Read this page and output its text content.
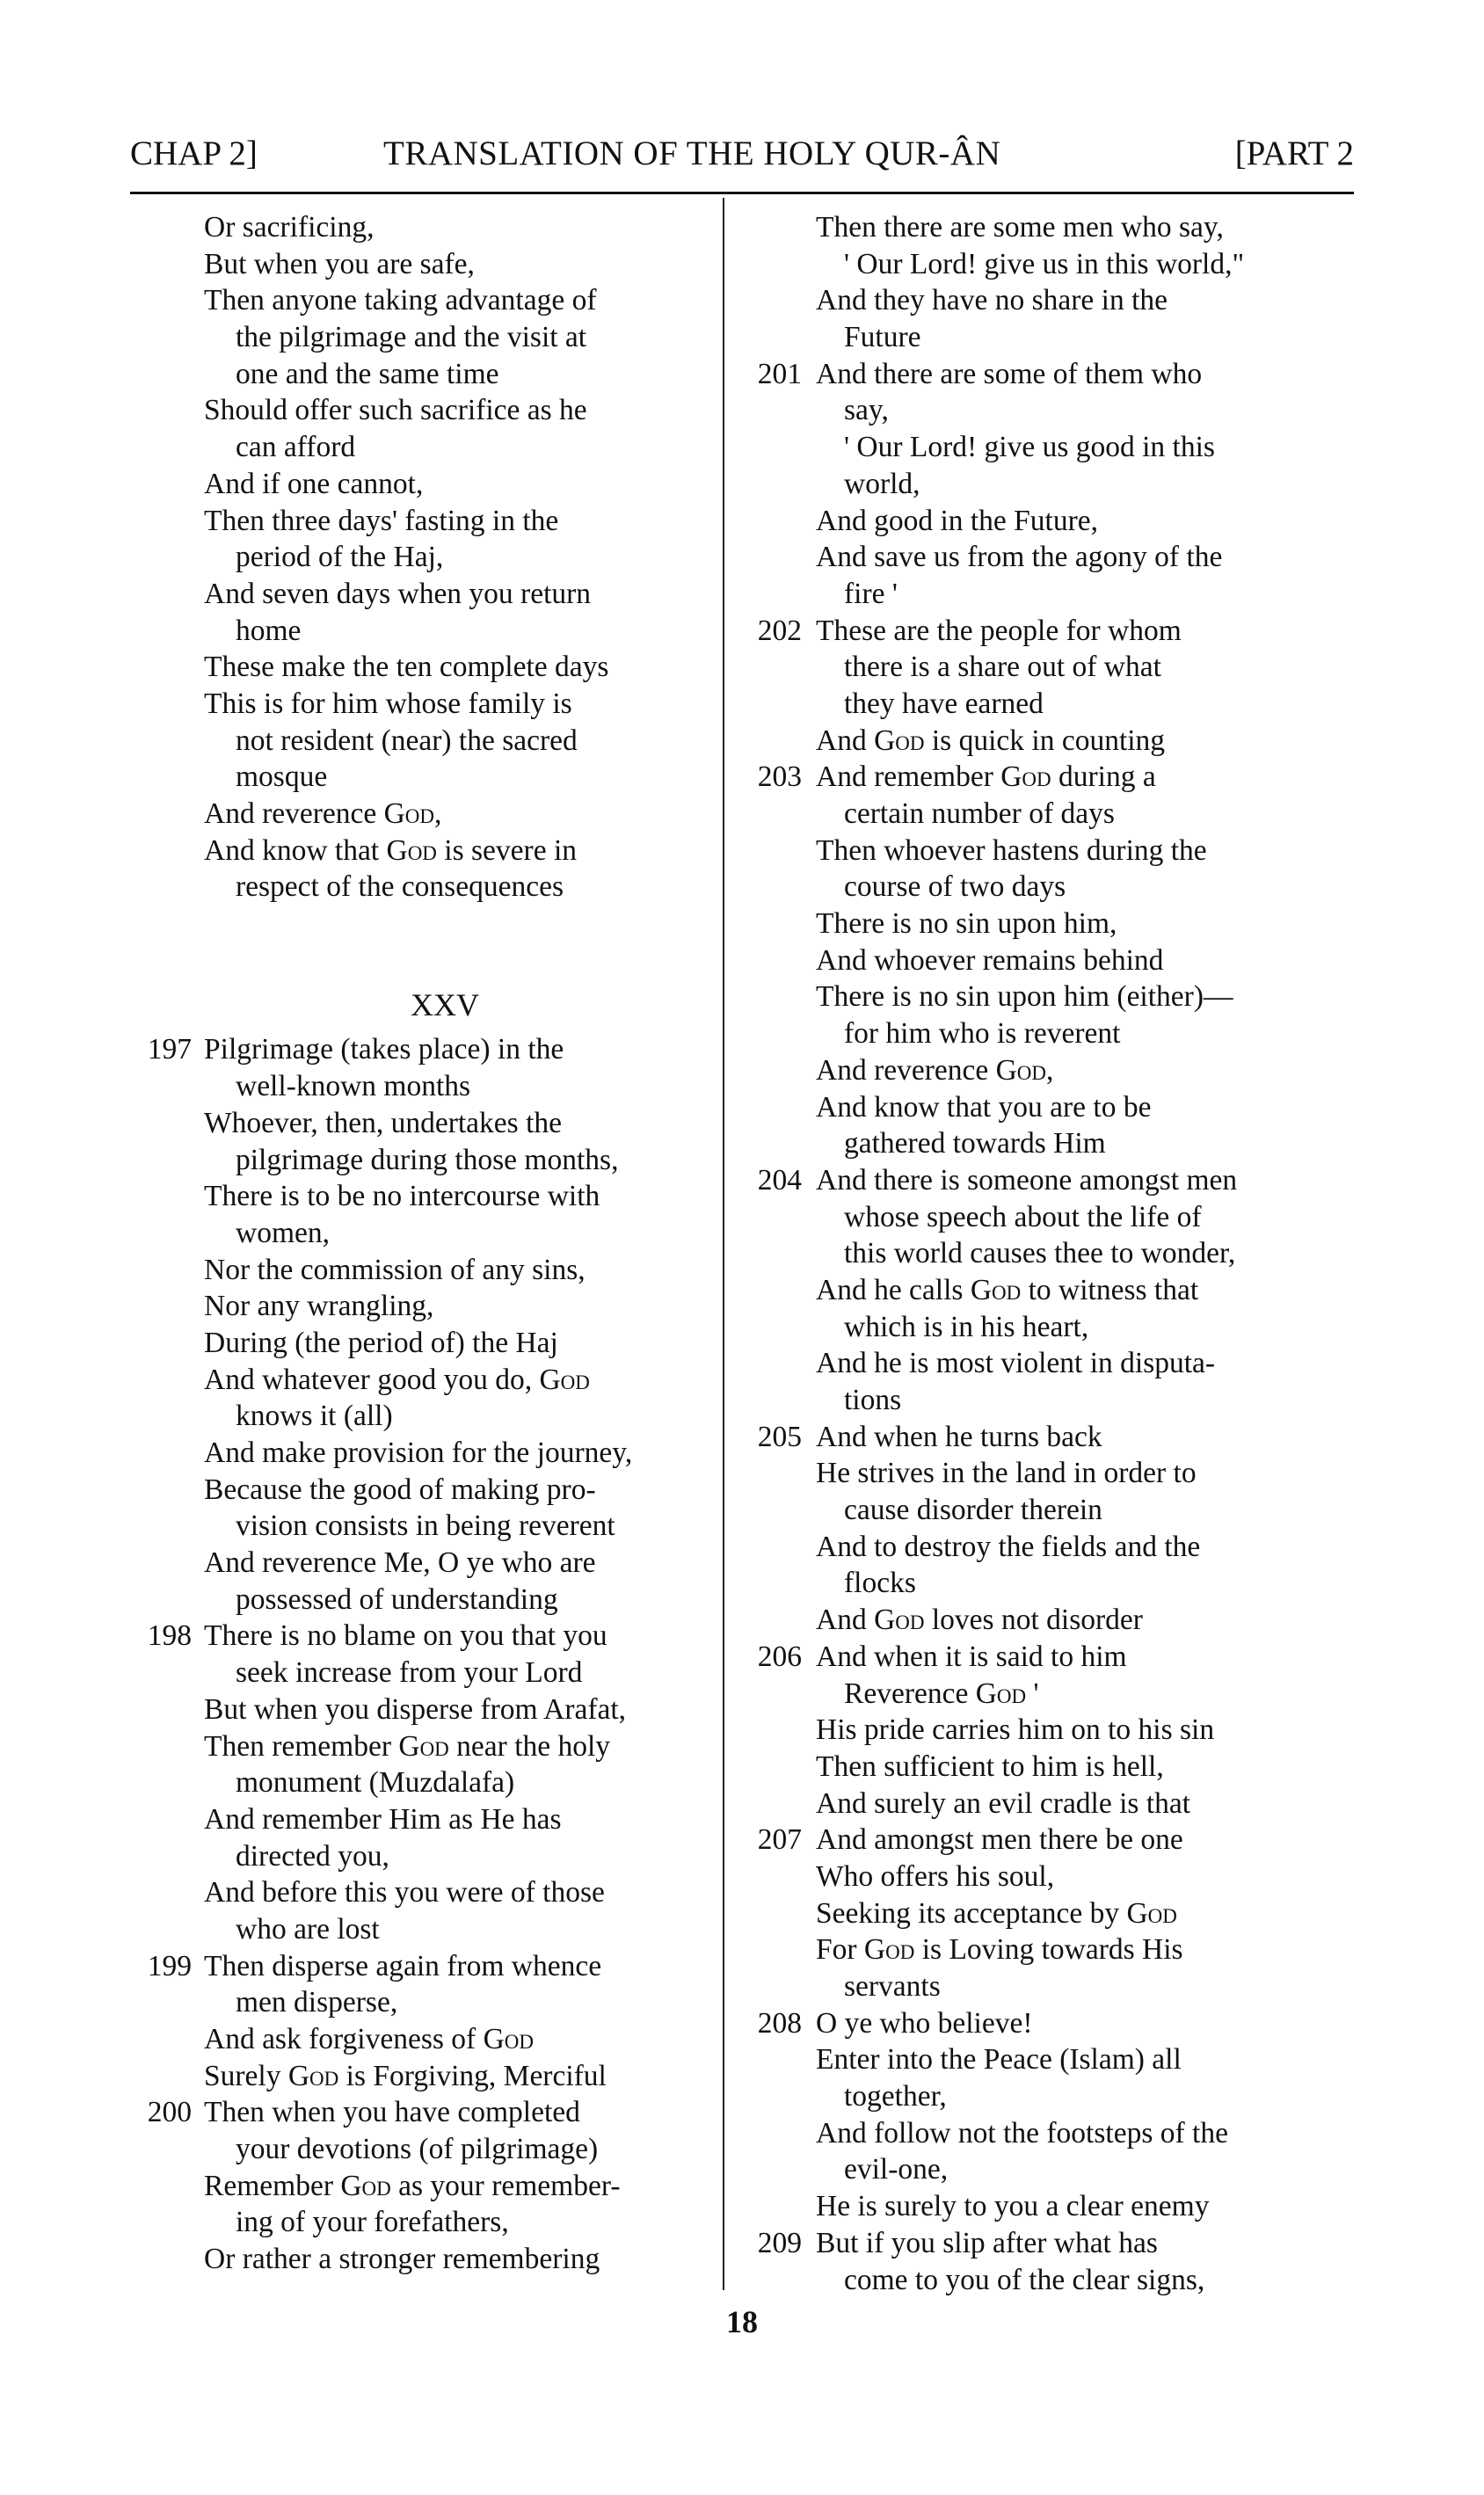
CHAP 2]	TRANSLATION OF THE HOLY QUR-ÂN	[PART 2
Or sacrificing,
But when you are safe,
Then anyone taking advantage of
the pilgrimage and the visit at
one and the same time
Should offer such sacrifice as he
can afford
And if one cannot,
Then three days' fasting in the
period of the Haj,
And seven days when you return
home
These make the ten complete days
This is for him whose family is
not resident (near) the sacred
mosque
And reverence God,
And know that God is severe in
respect of the consequences
XXV
197 Pilgrimage (takes place) in the
well-known months
Whoever, then, undertakes the
pilgrimage during those months,
There is to be no intercourse with
women,
Nor the commission of any sins,
Nor any wrangling,
During (the period of) the Haj
And whatever good you do, God
knows it (all)
And make provision for the journey,
Because the good of making pro-
vision consists in being reverent
And reverence Me, O ye who are
possessed of understanding
198 There is no blame on you that you
seek increase from your Lord
But when you disperse from Arafat,
Then remember God near the holy
monument (Muzdalafa)
And remember Him as He has
directed you,
And before this you were of those
who are lost
199 Then disperse again from whence
men disperse,
And ask forgiveness of God
Surely God is Forgiving, Merciful
200 Then when you have completed
your devotions (of pilgrimage)
Remember God as your remember-
ing of your forefathers,
Or rather a stronger remembering
Then there are some men who say,
' Our Lord! give us in this world,"
And they have no share in the
Future
201 And there are some of them who
say,
' Our Lord! give us good in this
world,
And good in the Future,
And save us from the agony of the
fire '
202 These are the people for whom
there is a share out of what
they have earned
And God is quick in counting
203 And remember God during a
certain number of days
Then whoever hastens during the
course of two days
There is no sin upon him,
And whoever remains behind
There is no sin upon him (either)—
for him who is reverent
And reverence God,
And know that you are to be
gathered towards Him
204 And there is someone amongst men
whose speech about the life of
this world causes thee to wonder,
And he calls God to witness that
which is in his heart,
And he is most violent in disputa-
tions
205 And when he turns back
He strives in the land in order to
cause disorder therein
And to destroy the fields and the
flocks
And God loves not disorder
206 And when it is said to him
Reverence God '
His pride carries him on to his sin
Then sufficient to him is hell,
And surely an evil cradle is that
207 And amongst men there be one
Who offers his soul,
Seeking its acceptance by God
For God is Loving towards His
servants
208 O ye who believe!
Enter into the Peace (Islam) all
together,
And follow not the footsteps of the
evil-one,
He is surely to you a clear enemy
209 But if you slip after what has
come to you of the clear signs,
18
